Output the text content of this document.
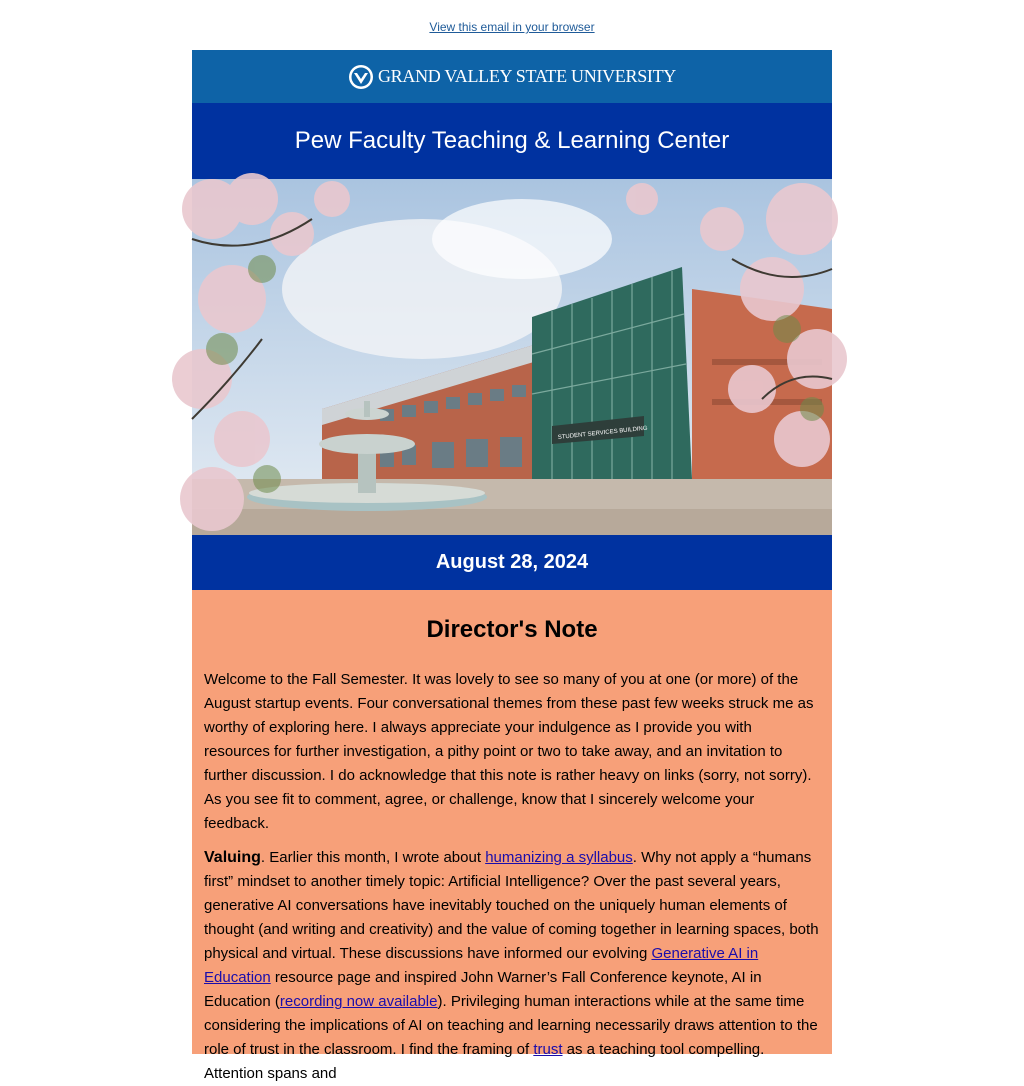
View this email in your browser
GRAND VALLEY STATE UNIVERSITY
Pew Faculty Teaching & Learning Center
STUDENT SERVICES BUILDING
August 28, 2024
Director's Note

Welcome to the Fall Semester. It was lovely to see so many of you at one (or more) of the August startup events. Four conversational themes from these past few weeks struck me as worthy of exploring here. I always appreciate your indulgence as I provide you with resources for further investigation, a pithy point or two to take away, and an invitation to further discussion. I do acknowledge that this note is rather heavy on links (sorry, not sorry). As you see fit to comment, agree, or challenge, know that I sincerely welcome your feedback.

Valuing. Earlier this month, I wrote about humanizing a syllabus. Why not apply a “humans first” mindset to another timely topic: Artificial Intelligence? Over the past several years, generative AI conversations have inevitably touched on the uniquely human elements of thought (and writing and creativity) and the value of coming together in learning spaces, both physical and virtual. These discussions have informed our evolving Generative AI in Education resource page and inspired John Warner’s Fall Conference keynote, AI in Education (recording now available). Privileging human interactions while at the same time considering the implications of AI on teaching and learning necessarily draws attention to the role of trust in the classroom. I find the framing of trust as a teaching tool compelling. Attention spans and
